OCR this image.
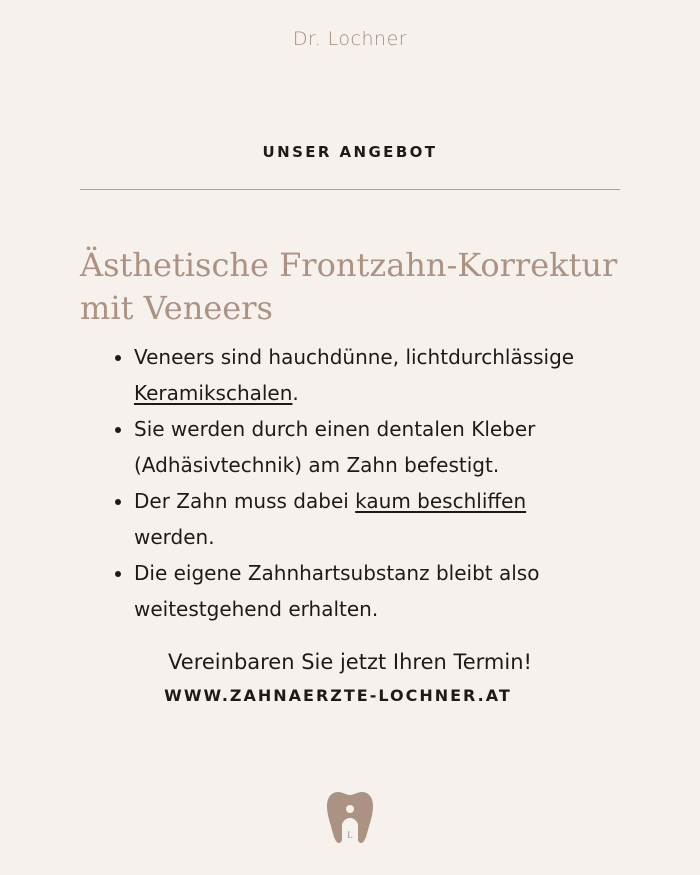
Dr. Lochner
UNSER ANGEBOT
Ästhetische Frontzahn-Korrektur mit Veneers
• Veneers sind hauchdünne, lichtdurchlässige Keramikschalen.
• Sie werden durch einen dentalen Kleber (Adhäsivtechnik) am Zahn befestigt.
• Der Zahn muss dabei kaum beschliffen werden.
• Die eigene Zahnhartsubstanz bleibt also weitestgehend erhalten.
Vereinbaren Sie jetzt Ihren Termin!
WWW.ZAHNAERZTE-LOCHNER.AT
L
